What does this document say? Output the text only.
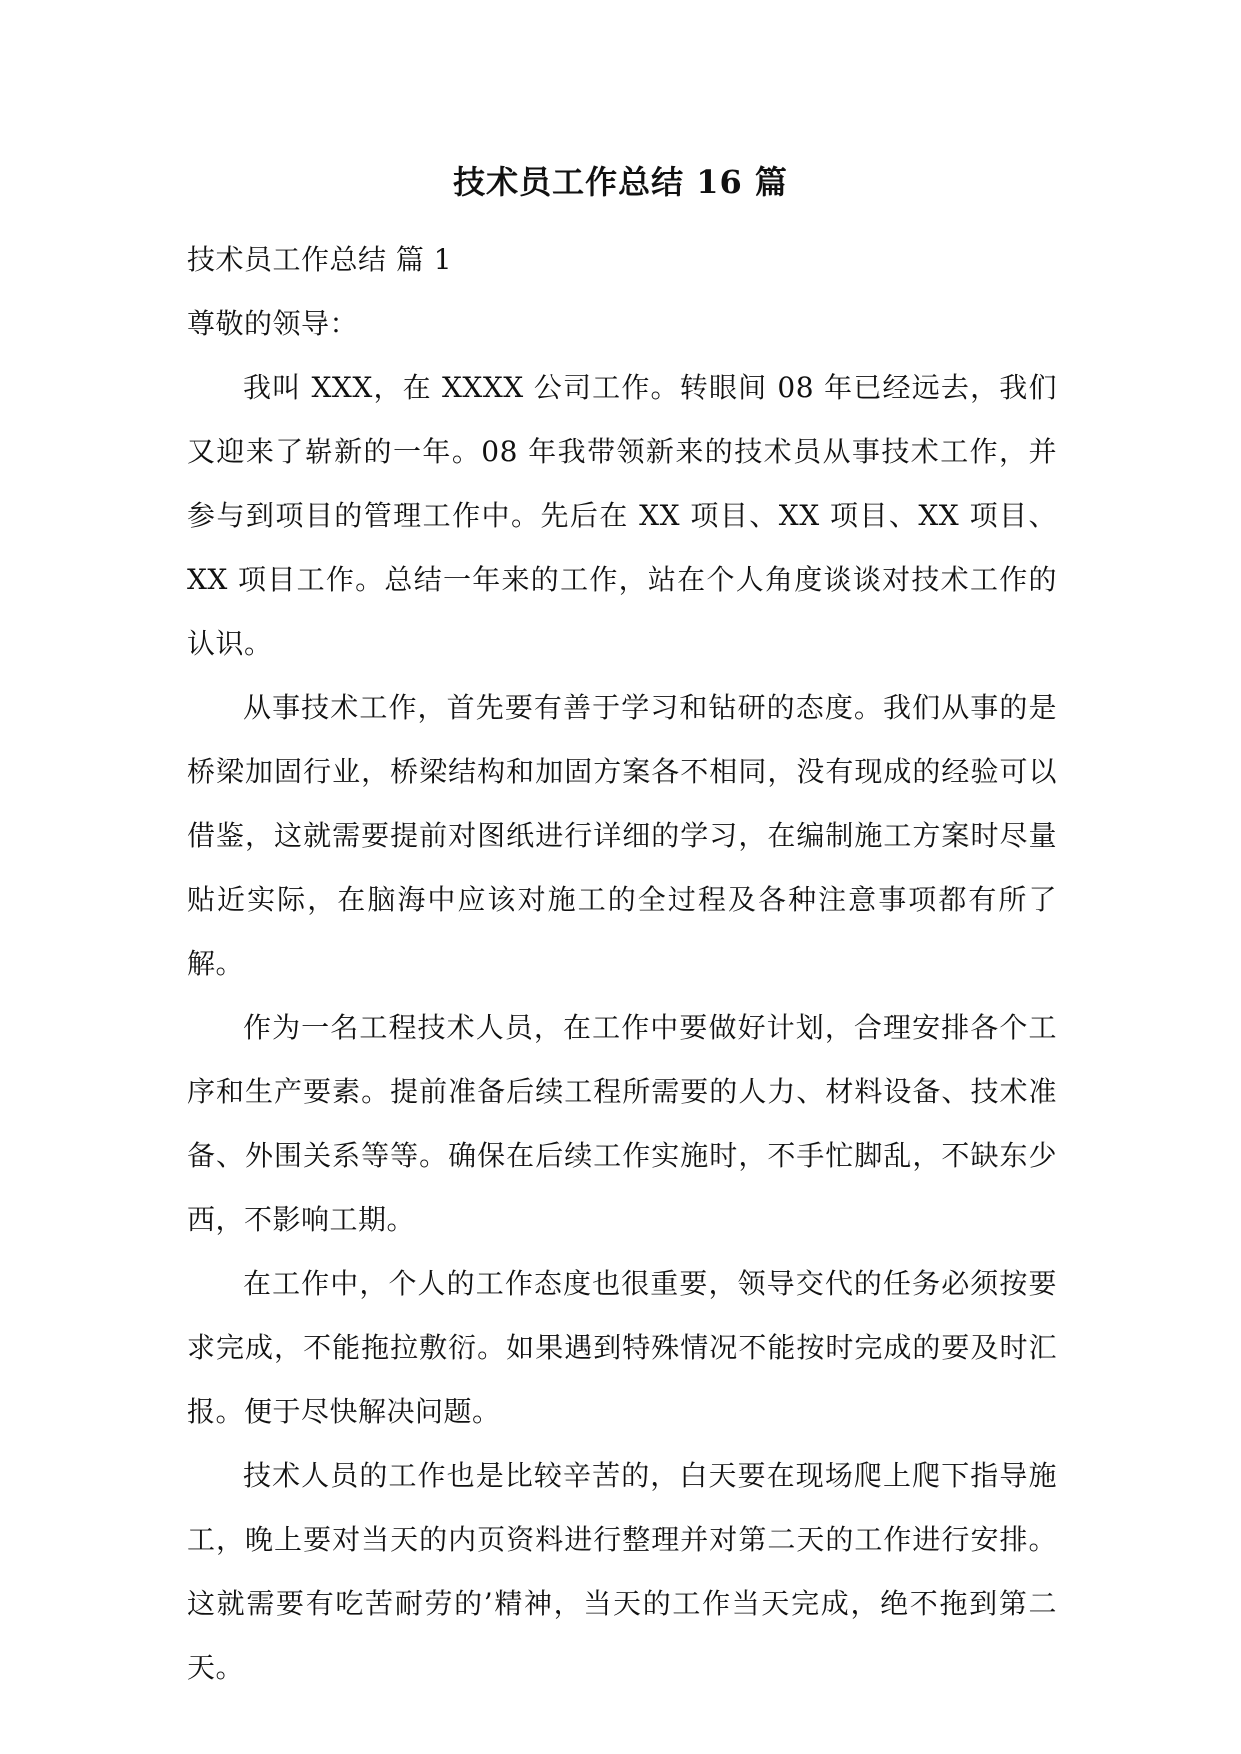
技术员工作总结 16 篇

技术员工作总结 篇 1

尊敬的领导：

我叫 XXX，在 XXXX 公司工作。转眼间 08 年已经远去，我们又迎来了崭新的一年。08 年我带领新来的技术员从事技术工作，并参与到项目的管理工作中。先后在 XX 项目、XX 项目、XX 项目、XX 项目工作。总结一年来的工作，站在个人角度谈谈对技术工作的认识。

从事技术工作，首先要有善于学习和钻研的态度。我们从事的是桥梁加固行业，桥梁结构和加固方案各不相同，没有现成的经验可以借鉴，这就需要提前对图纸进行详细的学习，在编制施工方案时尽量贴近实际，在脑海中应该对施工的全过程及各种注意事项都有所了解。

作为一名工程技术人员，在工作中要做好计划，合理安排各个工序和生产要素。提前准备后续工程所需要的人力、材料设备、技术准备、外围关系等等。确保在后续工作实施时，不手忙脚乱，不缺东少西，不影响工期。

在工作中，个人的工作态度也很重要，领导交代的任务必须按要求完成，不能拖拉敷衍。如果遇到特殊情况不能按时完成的要及时汇报。便于尽快解决问题。

技术人员的工作也是比较辛苦的，白天要在现场爬上爬下指导施工，晚上要对当天的内页资料进行整理并对第二天的工作进行安排。这就需要有吃苦耐劳的’精神，当天的工作当天完成，绝不拖到第二天。
